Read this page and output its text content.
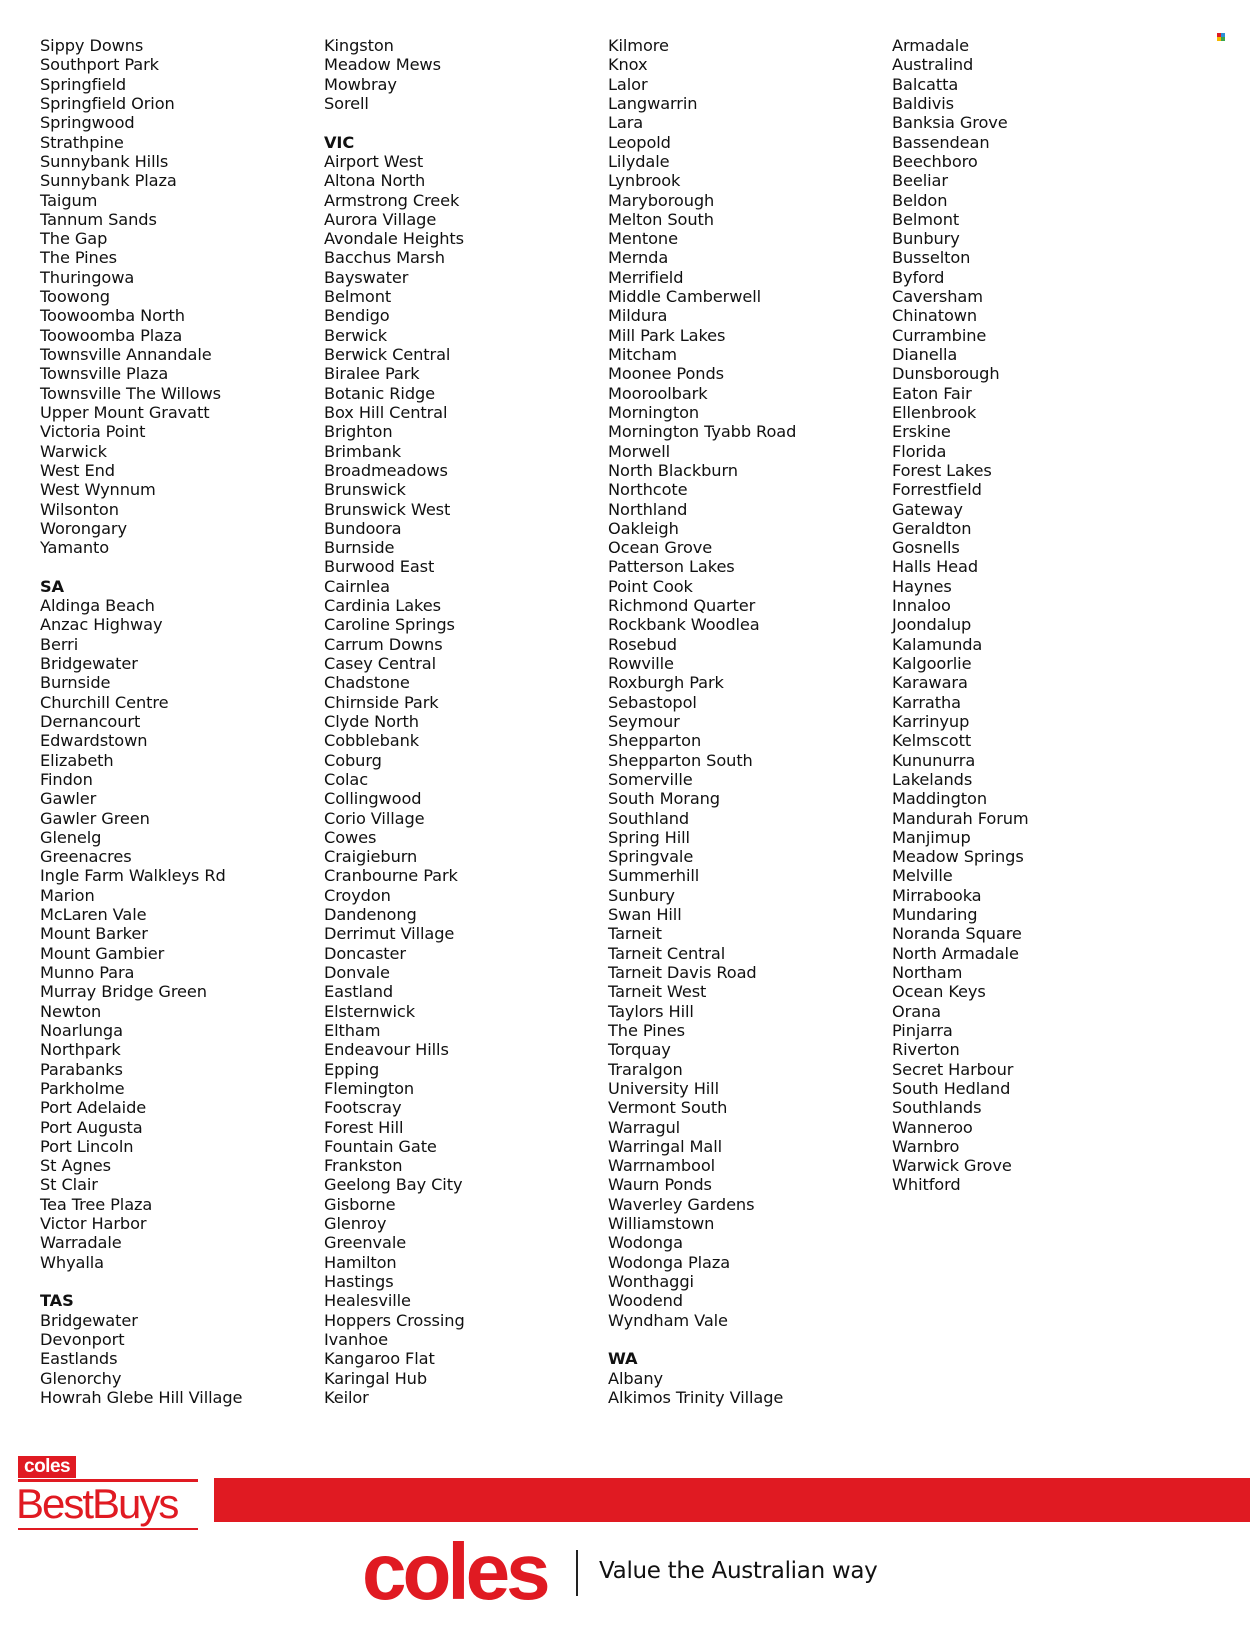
Sippy Downs
Southport Park
Springfield
Springfield Orion
Springwood
Strathpine
Sunnybank Hills
Sunnybank Plaza
Taigum
Tannum Sands
The Gap
The Pines
Thuringowa
Toowong
Toowoomba North
Toowoomba Plaza
Townsville Annandale
Townsville Plaza
Townsville The Willows
Upper Mount Gravatt
Victoria Point
Warwick
West End
West Wynnum
Wilsonton
Worongary
Yamanto
SA
Aldinga Beach
Anzac Highway
Berri
Bridgewater
Burnside
Churchill Centre
Dernancourt
Edwardstown
Elizabeth
Findon
Gawler
Gawler Green
Glenelg
Greenacres
Ingle Farm Walkleys Rd
Marion
McLaren Vale
Mount Barker
Mount Gambier
Munno Para
Murray Bridge Green
Newton
Noarlunga
Northpark
Parabanks
Parkholme
Port Adelaide
Port Augusta
Port Lincoln
St Agnes
St Clair
Tea Tree Plaza
Victor Harbor
Warradale
Whyalla
TAS
Bridgewater
Devonport
Eastlands
Glenorchy
Howrah Glebe Hill Village
Kingston
Meadow Mews
Mowbray
Sorell
VIC
Airport West
Altona North
Armstrong Creek
Aurora Village
Avondale Heights
Bacchus Marsh
Bayswater
Belmont
Bendigo
Berwick
Berwick Central
Biralee Park
Botanic Ridge
Box Hill Central
Brighton
Brimbank
Broadmeadows
Brunswick
Brunswick West
Bundoora
Burnside
Burwood East
Cairnlea
Cardinia Lakes
Caroline Springs
Carrum Downs
Casey Central
Chadstone
Chirnside Park
Clyde North
Cobblebank
Coburg
Colac
Collingwood
Corio Village
Cowes
Craigieburn
Cranbourne Park
Croydon
Dandenong
Derrimut Village
Doncaster
Donvale
Eastland
Elsternwick
Eltham
Endeavour Hills
Epping
Flemington
Footscray
Forest Hill
Fountain Gate
Frankston
Geelong Bay City
Gisborne
Glenroy
Greenvale
Hamilton
Hastings
Healesville
Hoppers Crossing
Ivanhoe
Kangaroo Flat
Karingal Hub
Keilor
Kilmore
Knox
Lalor
Langwarrin
Lara
Leopold
Lilydale
Lynbrook
Maryborough
Melton South
Mentone
Mernda
Merrifield
Middle Camberwell
Mildura
Mill Park Lakes
Mitcham
Moonee Ponds
Mooroolbark
Mornington
Mornington Tyabb Road
Morwell
North Blackburn
Northcote
Northland
Oakleigh
Ocean Grove
Patterson Lakes
Point Cook
Richmond Quarter
Rockbank Woodlea
Rosebud
Rowville
Roxburgh Park
Sebastopol
Seymour
Shepparton
Shepparton South
Somerville
South Morang
Southland
Spring Hill
Springvale
Summerhill
Sunbury
Swan Hill
Tarneit
Tarneit Central
Tarneit Davis Road
Tarneit West
Taylors Hill
The Pines
Torquay
Traralgon
University Hill
Vermont South
Warragul
Warringal Mall
Warrnambool
Waurn Ponds
Waverley Gardens
Williamstown
Wodonga
Wodonga Plaza
Wonthaggi
Woodend
Wyndham Vale
WA
Albany
Alkimos Trinity Village
Armadale
Australind
Balcatta
Baldivis
Banksia Grove
Bassendean
Beechboro
Beeliar
Beldon
Belmont
Bunbury
Busselton
Byford
Caversham
Chinatown
Currambine
Dianella
Dunsborough
Eaton Fair
Ellenbrook
Erskine
Florida
Forest Lakes
Forrestfield
Gateway
Geraldton
Gosnells
Halls Head
Haynes
Innaloo
Joondalup
Kalamunda
Kalgoorlie
Karawara
Karratha
Karrinyup
Kelmscott
Kununurra
Lakelands
Maddington
Mandurah Forum
Manjimup
Meadow Springs
Melville
Mirrabooka
Mundaring
Noranda Square
North Armadale
Northam
Ocean Keys
Orana
Pinjarra
Riverton
Secret Harbour
South Hedland
Southlands
Wanneroo
Warnbro
Warwick Grove
Whitford
coles
BestBuys
coles Value the Australian way
